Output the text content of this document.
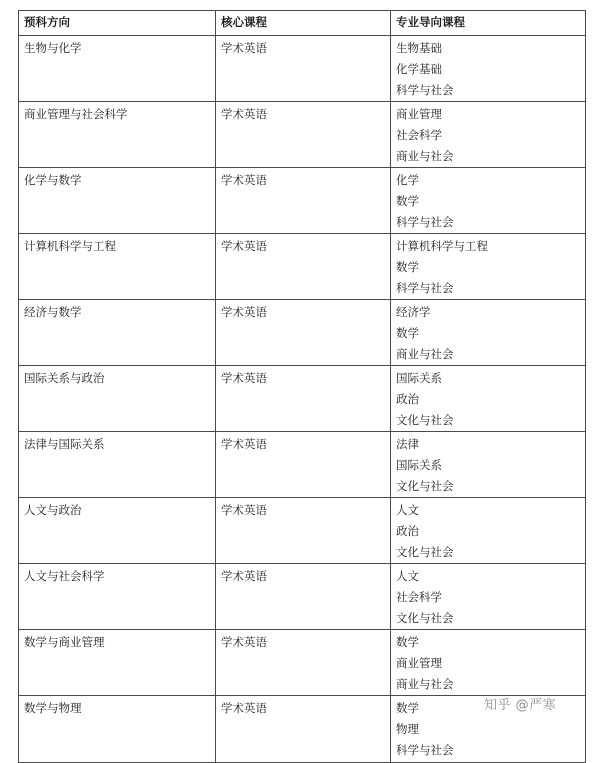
预科方向	核心课程	专业导向课程
生物与化学	学术英语	生物基础
化学基础
科学与社会

商业管理与社会科学	学术英语	商业管理
社会科学
商业与社会

化学与数学	学术英语	化学
数学
科学与社会

计算机科学与工程	学术英语	计算机科学与工程
数学
科学与社会

经济与数学	学术英语	经济学
数学
商业与社会

国际关系与政治	学术英语	国际关系
政治
文化与社会

法律与国际关系	学术英语	法律
国际关系
文化与社会

人文与政治	学术英语	人文
政治
文化与社会

人文与社会科学	学术英语	人文
社会科学
文化与社会

数学与商业管理	学术英语	数学
商业管理
商业与社会

数学与物理	学术英语	数学
物理
科学与社会
知乎 @严寒
